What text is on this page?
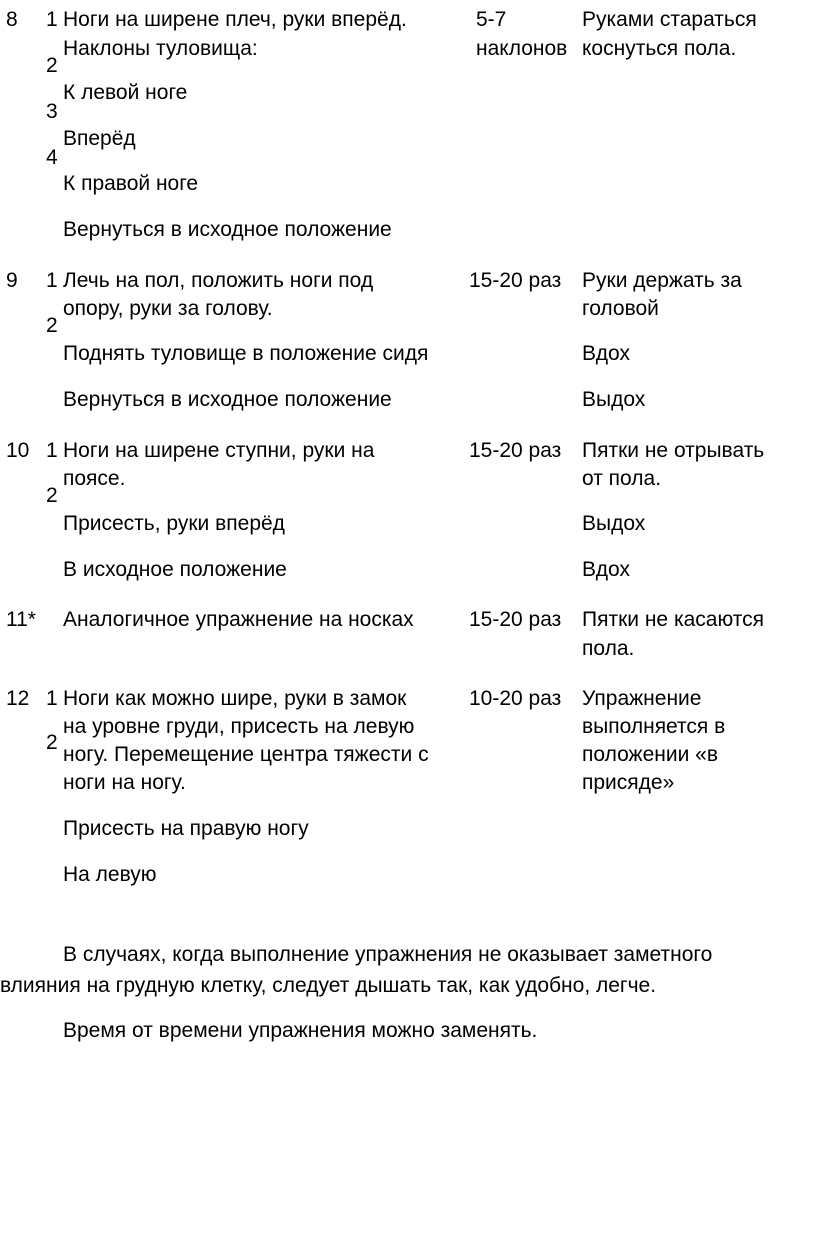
8 1
2
3
4
Ноги на ширене плеч, руки вперёд.
Наклоны туловища:
К левой ноге
Вперёд
К правой ноге
Вернуться в исходное положение
5-7
наклонов
Руками стараться
коснуться пола.
9 1
2
Лечь на пол, положить ноги под
опору, руки за голову.
Поднять туловище в положение сидя
Вернуться в исходное положение
15-20 раз Руки держать за
головой
Вдох
Выдох
10 1
2
Ноги на ширене ступни, руки на
поясе.
Присесть, руки вперёд
В исходное положение
15-20 раз Пятки не отрывать
от пола.
Выдох
Вдох
11* Аналогичное упражнение на носках	15-20 раз Пятки не касаются
пола.
12 1
2
Ноги как можно шире, руки в замок
на уровне груди, присесть на левую
ногу. Перемещение центра тяжести с
ноги на ногу.
Присесть на правую ногу
На левую
10-20 раз Упражнение
выполняется в
положении «в
присяде»
В случаях, когда выполнение упражнения не оказывает заметного
влияния на грудную клетку, следует дышать так, как удобно, легче.
Время от времени упражнения можно заменять.
